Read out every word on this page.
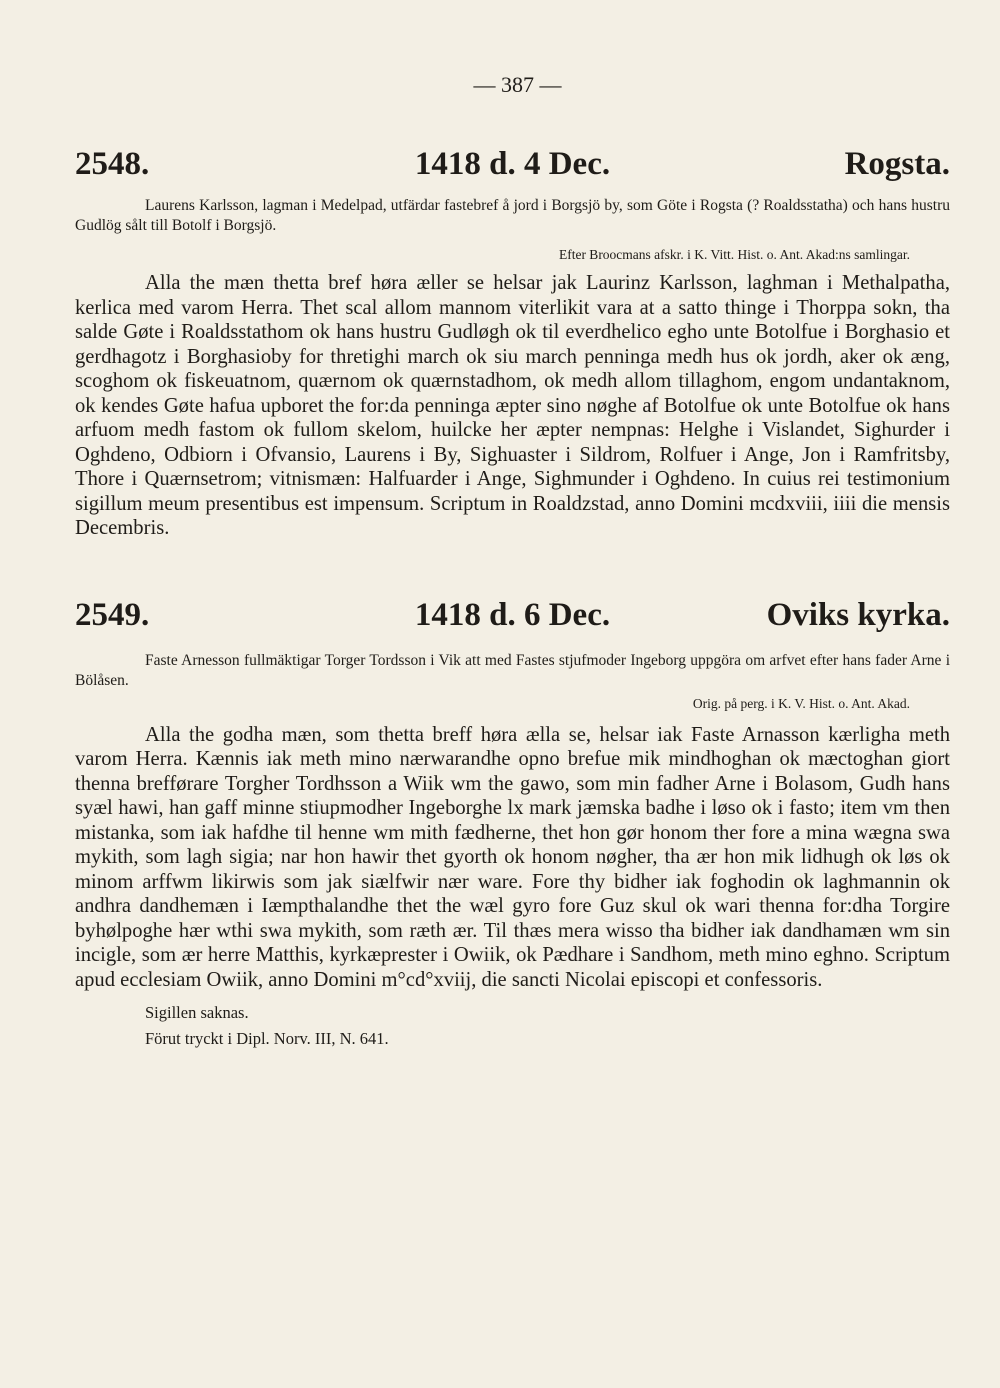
— 387 —
2548.	1418 d. 4 Dec.	Rogsta.

Laurens Karlsson, lagman i Medelpad, utfärdar fastebref å jord i Borgsjö by, som Göte i Rogsta (? Roaldsstatha) och hans hustru Gudlög sålt till Botolf i Borgsjö.

Efter Broocmans afskr. i K. Vitt. Hist. o. Ant. Akad:ns samlingar.

Alla the mæn thetta bref høra æller se helsar jak Laurinz Karlsson, laghman i Methalpatha, kerlica med varom Herra. Thet scal allom mannom viterlikit vara at a satto thinge i Thorppa sokn, tha salde Gøte i Roaldsstathom ok hans hustru Gudløgh ok til everdhelico egho unte Botolfue i Borghasio et gerdhagotz i Borghasioby for thretighi march ok siu march penninga medh hus ok jordh, aker ok æng, scoghom ok fiskeuatnom, quærnom ok quærnstadhom, ok medh allom tillaghom, engom undantaknom, ok kendes Gøte hafua upboret the for:da penninga æpter sino nøghe af Botolfue ok unte Botolfue ok hans arfuom medh fastom ok fullom skelom, huilcke her æpter nempnas: Helghe i Vislandet, Sighurder i Oghdeno, Odbiorn i Ofvansio, Laurens i By, Sighuaster i Sildrom, Rolfuer i Ange, Jon i Ramfritsby, Thore i Quærnsetrom; vitnismæn: Halfuarder i Ange, Sighmunder i Oghdeno. In cuius rei testimonium sigillum meum presentibus est impensum. Scriptum in Roaldzstad, anno Domini mcdxviii, iiii die mensis Decembris.

2549.	1418 d. 6 Dec.	Oviks kyrka.

Faste Arnesson fullmäktigar Torger Tordsson i Vik att med Fastes stjufmoder Ingeborg uppgöra om arfvet efter hans fader Arne i Bölåsen.

Orig. på perg. i K. V. Hist. o. Ant. Akad.

Alla the godha mæn, som thetta breff høra ælla se, helsar iak Faste Arnasson kærligha meth varom Herra. Kænnis iak meth mino nærwarandhe opno brefue mik mindhoghan ok mæctoghan giort thenna brefførare Torgher Tordhsson a Wiik wm the gawo, som min fadher Arne i Bolasom, Gudh hans syæl hawi, han gaff minne stiupmodher Ingeborghe lx mark jæmska badhe i løso ok i fasto; item vm then mistanka, som iak hafdhe til henne wm mith fædherne, thet hon gør honom ther fore a mina wægna swa mykith, som lagh sigia; nar hon hawir thet gyorth ok honom nøgher, tha ær hon mik lidhugh ok løs ok minom arffwm likirwis som jak siælfwir nær ware. Fore thy bidher iak foghodin ok laghmannin ok andhra dandhemæn i Iæmpthalandhe thet the wæl gyro fore Guz skul ok wari thenna for:dha Torgire byhølpoghe hær wthi swa mykith, som ræth ær. Til thæs mera wisso tha bidher iak dandhamæn wm sin incigle, som ær herre Matthis, kyrkæprester i Owiik, ok Pædhare i Sandhom, meth mino eghno. Scriptum apud ecclesiam Owiik, anno Domini m°cd°xviij, die sancti Nicolai episcopi et confessoris.

Sigillen saknas.

Förut tryckt i Dipl. Norv. III, N. 641.
